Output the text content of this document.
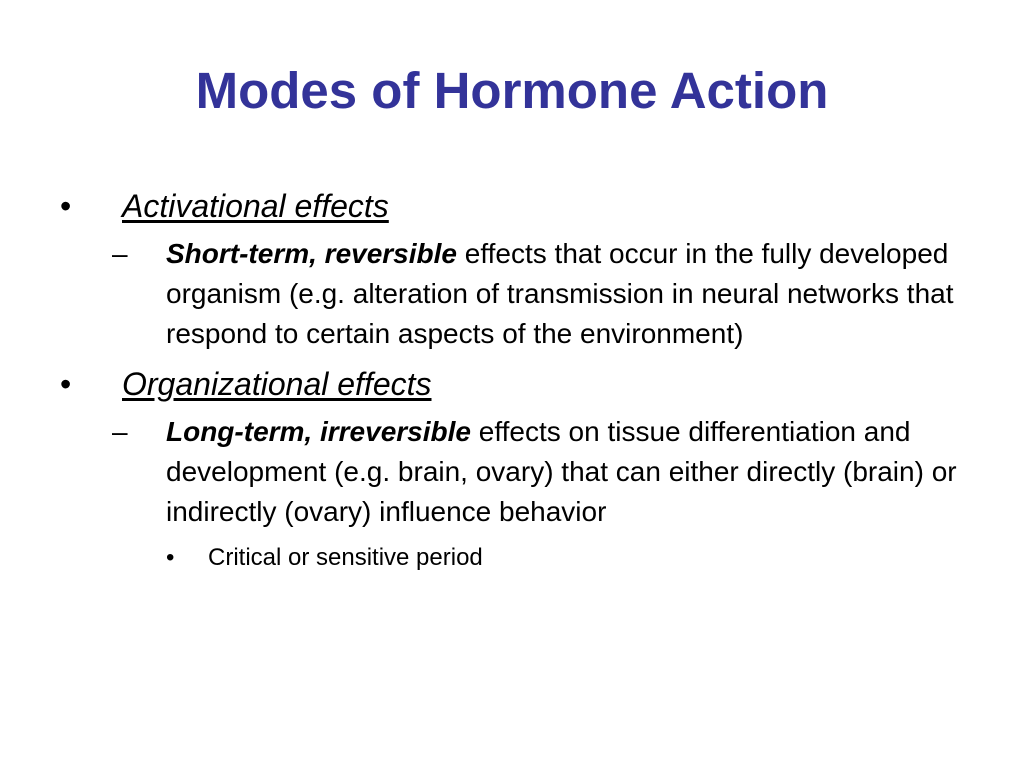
Modes of Hormone Action
• Activational effects
– Short-term, reversible effects that occur in the fully developed organism (e.g. alteration of transmission in neural networks that respond to certain aspects of the environment)
• Organizational effects
– Long-term, irreversible effects on tissue differentiation and development (e.g. brain, ovary) that can either directly (brain) or indirectly (ovary) influence behavior
• Critical or sensitive period
